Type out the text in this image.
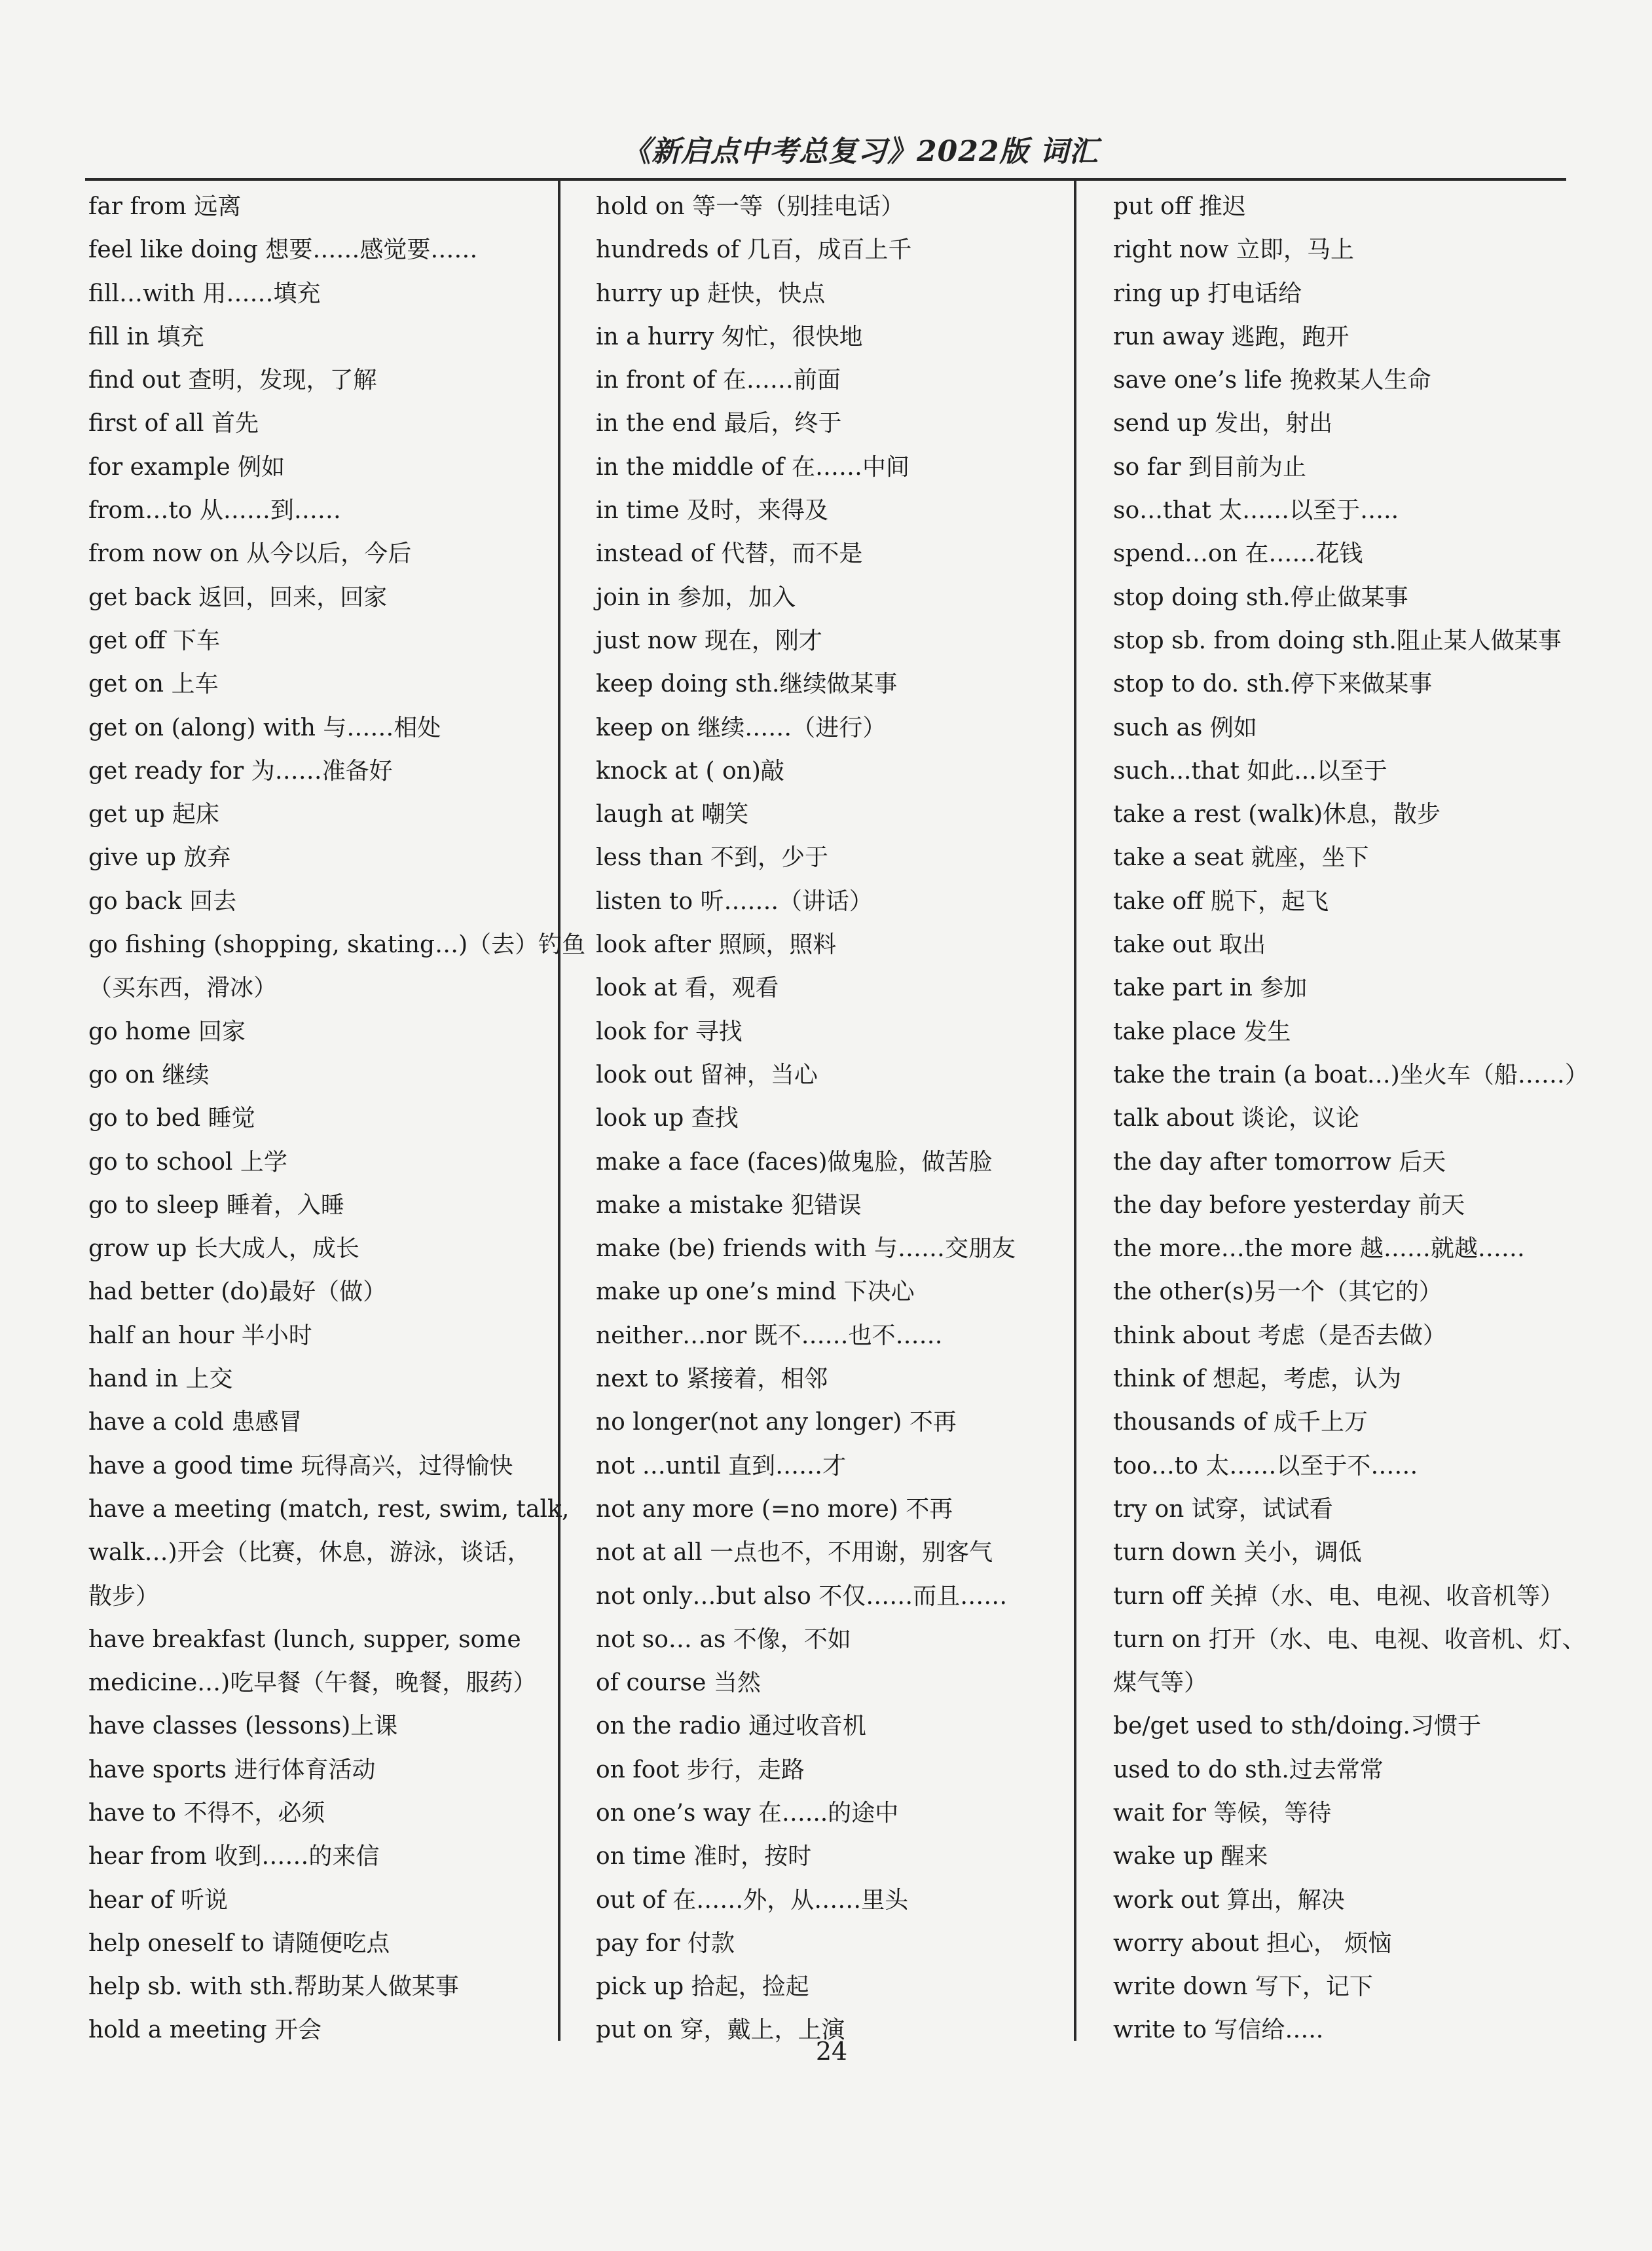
《新启点中考总复习》2022版 词汇
far from 远离
feel like doing 想要……感觉要……
fill…with 用……填充
fill in 填充
find out 查明，发现，了解
first of all 首先
for example 例如
from…to 从……到……
from now on 从今以后，今后
get back 返回，回来，回家
get off 下车
get on 上车
get on (along) with 与……相处
get ready for 为……准备好
get up 起床
give up 放弃
go back 回去
go fishing (shopping, skating…)（去）钓鱼
（买东西，滑冰）
go home 回家
go on 继续
go to bed 睡觉
go to school 上学
go to sleep 睡着，入睡
grow up 长大成人，成长
had better (do)最好（做）
half an hour 半小时
hand in 上交
have a cold 患感冒
have a good time 玩得高兴，过得愉快
have a meeting (match, rest, swim, talk,
walk…)开会（比赛，休息，游泳，谈话，
散步）
have breakfast (lunch, supper, some
medicine…)吃早餐（午餐，晚餐，服药）
have classes (lessons)上课
have sports 进行体育活动
have to 不得不，必须
hear from 收到……的来信
hear of 听说
help oneself to 请随便吃点
help sb. with sth.帮助某人做某事
hold a meeting 开会
hold on 等一等（别挂电话）
hundreds of 几百，成百上千
hurry up 赶快，快点
in a hurry 匆忙，很快地
in front of 在……前面
in the end 最后，终于
in the middle of 在……中间
in time 及时，来得及
instead of 代替，而不是
join in 参加，加入
just now 现在，刚才
keep doing sth.继续做某事
keep on 继续……（进行）
knock at ( on)敲
laugh at 嘲笑
less than 不到，少于
listen to 听…….（讲话）
look after 照顾，照料
look at 看，观看
look for 寻找
look out 留神，当心
look up 查找
make a face (faces)做鬼脸，做苦脸
make a mistake 犯错误
make (be) friends with 与……交朋友
make up one’s mind 下决心
neither…nor 既不……也不……
next to 紧接着，相邻
no longer(not any longer) 不再
not …until 直到……才
not any more (=no more) 不再
not at all 一点也不，不用谢，别客气
not only…but also 不仅……而且……
not so… as 不像，不如
of course 当然
on the radio 通过收音机
on foot 步行，走路
on one’s way 在…...的途中
on time 准时，按时
out of 在……外，从……里头
pay for 付款
pick up 拾起，捡起
put on 穿，戴上，上演
put off 推迟
right now 立即，马上
ring up 打电话给
run away 逃跑，跑开
save one’s life 挽救某人生命
send up 发出，射出
so far 到目前为止
so…that 太……以至于…..
spend…on 在……花钱
stop doing sth.停止做某事
stop sb. from doing sth.阻止某人做某事
stop to do. sth.停下来做某事
such as 例如
such...that 如此...以至于
take a rest (walk)休息，散步
take a seat 就座，坐下
take off 脱下，起飞
take out 取出
take part in 参加
take place 发生
take the train (a boat…)坐火车（船……）
talk about 谈论，议论
the day after tomorrow 后天
the day before yesterday 前天
the more…the more 越……就越……
the other(s)另一个（其它的）
think about 考虑（是否去做）
think of 想起，考虑，认为
thousands of 成千上万
too…to 太……以至于不……
try on 试穿，试试看
turn down 关小，调低
turn off 关掉（水、电、电视、收音机等）
turn on 打开（水、电、电视、收音机、灯、
煤气等）
be/get used to sth/doing.习惯于
used to do sth.过去常常
wait for 等候，等待
wake up 醒来
work out 算出，解决
worry about 担心， 烦恼
write down 写下，记下
write to 写信给…..
24
